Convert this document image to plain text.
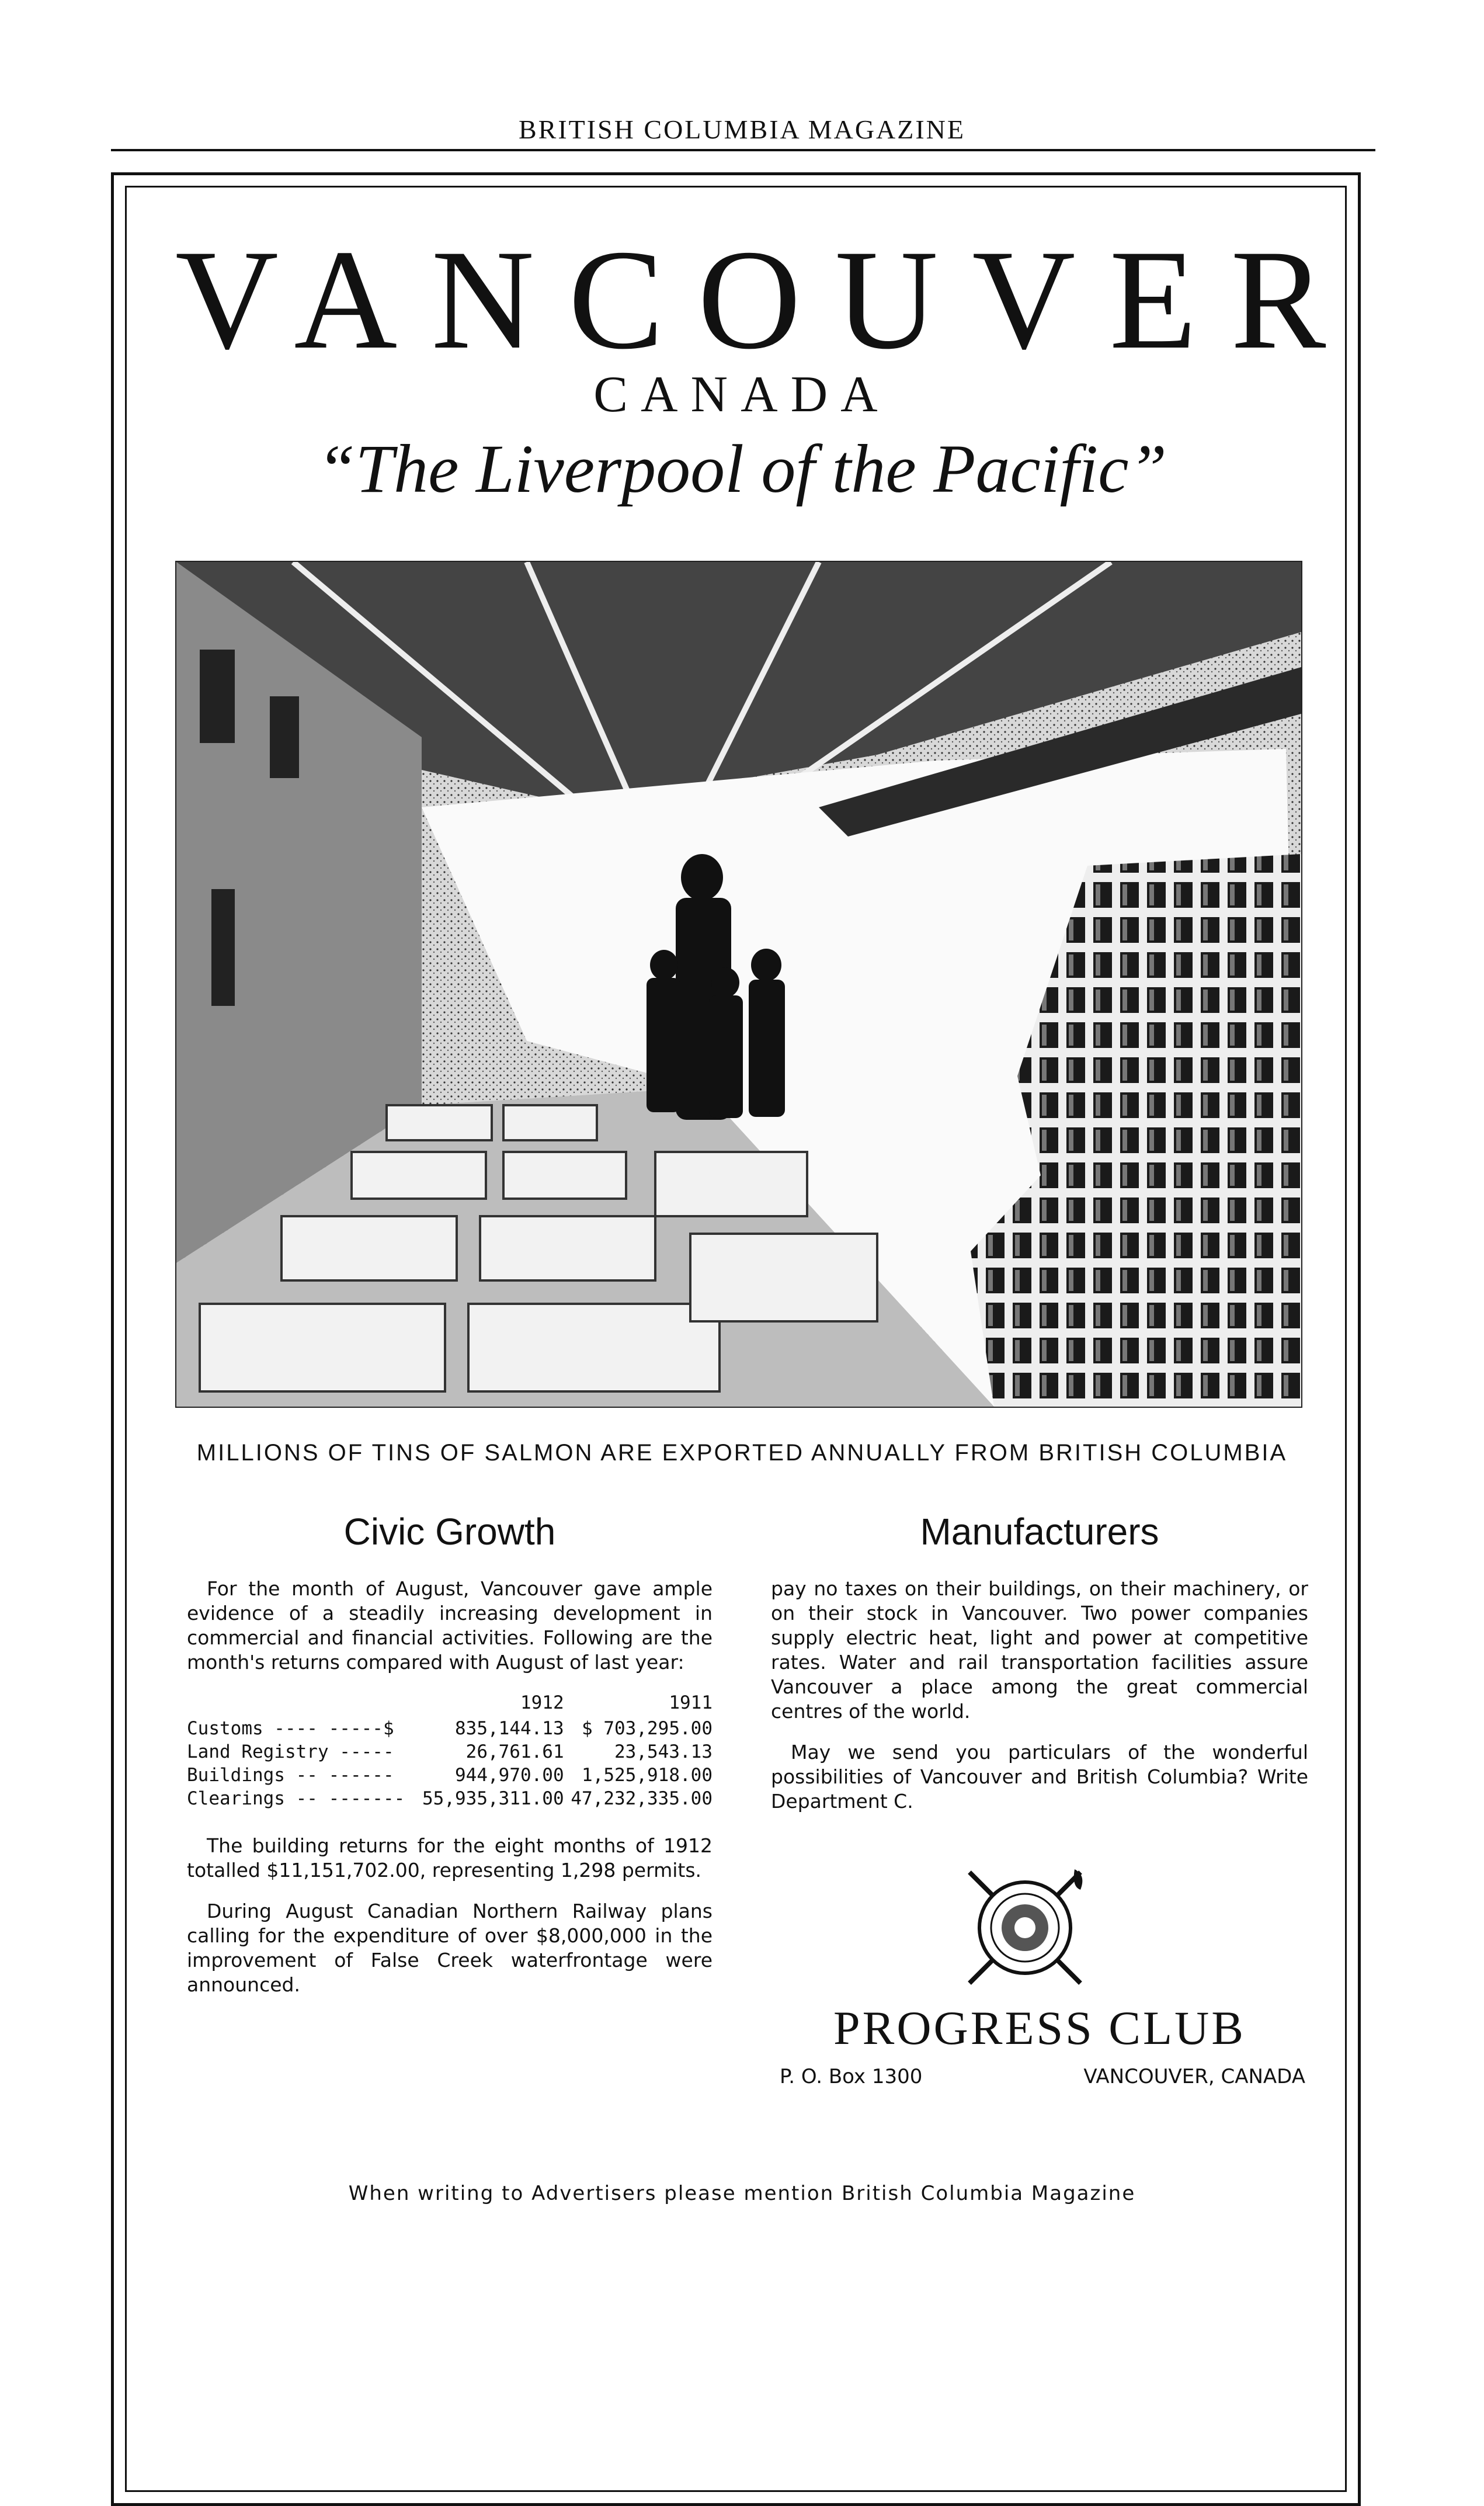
BRITISH COLUMBIA MAGAZINE
VANCOUVER
CANADA
“The Liverpool of the Pacific”
MILLIONS OF TINS OF SALMON ARE EXPORTED ANNUALLY FROM BRITISH COLUMBIA
Civic Growth

For the month of August, Vancouver gave ample evidence of a steadily increasing development in commercial and financial activities. Following are the month's returns compared with August of last year:

	1912	1911
Customs ---- -----$	835,144.13	$ 703,295.00
Land Registry -----	26,761.61	23,543.13
Buildings -- ------	944,970.00	1,525,918.00
Clearings -- -------	55,935,311.00	47,232,335.00

The building returns for the eight months of 1912 totalled $11,151,702.00, representing 1,298 permits.

During August Canadian Northern Railway plans calling for the expenditure of over $8,000,000 in the improvement of False Creek waterfrontage were announced.

Manufacturers

pay no taxes on their buildings, on their machinery, or on their stock in Vancouver. Two power companies supply electric heat, light and power at competitive rates. Water and rail transportation facilities assure Vancouver a place among the great commercial centres of the world.

May we send you particulars of the wonderful possibilities of Vancouver and British Columbia? Write Department C.

PROGRESS CLUB
P. O. Box 1300	VANCOUVER, CANADA
When writing to Advertisers please mention British Columbia Magazine
